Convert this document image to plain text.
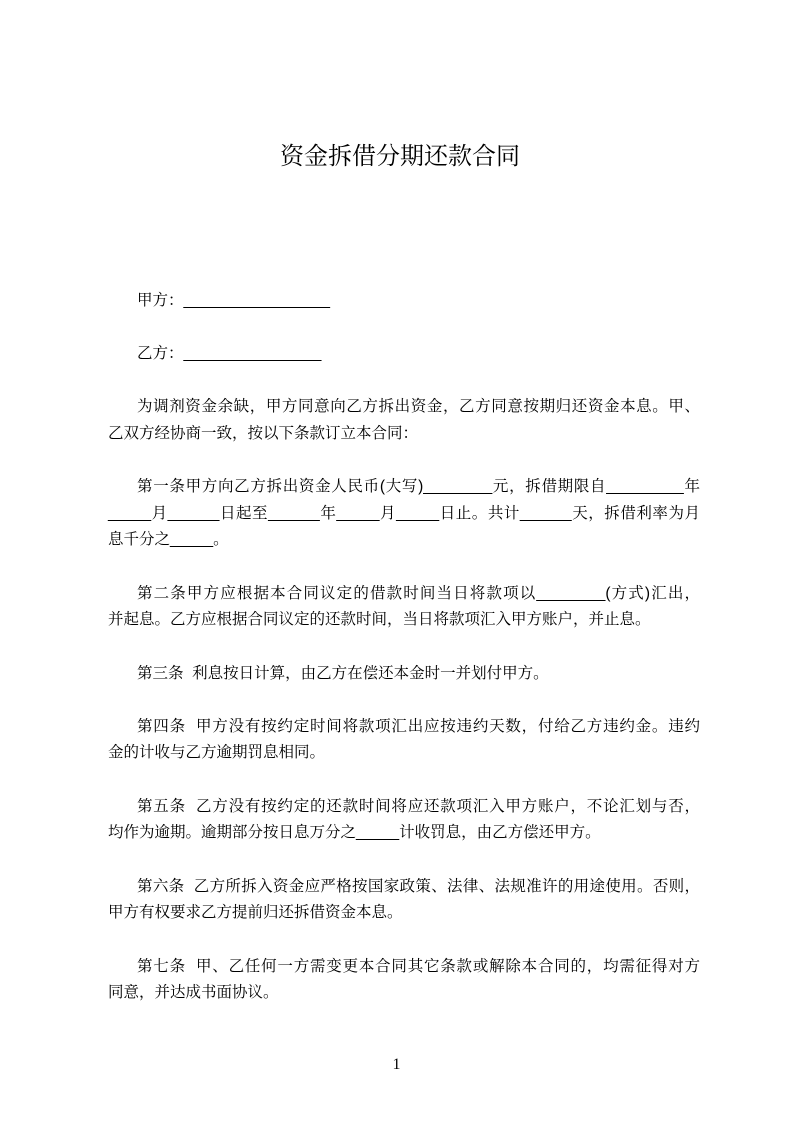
资金拆借分期还款合同
甲方：_________________
乙方：________________
为调剂资金余缺，甲方同意向乙方拆出资金，乙方同意按期归还资金本息。甲、
乙双方经协商一致，按以下条款订立本合同：
第一条甲方向乙方拆出资金人民币(大写)________元，拆借期限自_________年
_____月______日起至______年_____月_____日止。共计______天，拆借利率为月
息千分之_____。
第二条甲方应根据本合同议定的借款时间当日将款项以________(方式)汇出，
并起息。乙方应根据合同议定的还款时间，当日将款项汇入甲方账户，并止息。
第三条  利息按日计算，由乙方在偿还本金时一并划付甲方。
第四条  甲方没有按约定时间将款项汇出应按违约天数，付给乙方违约金。违约
金的计收与乙方逾期罚息相同。
第五条  乙方没有按约定的还款时间将应还款项汇入甲方账户，不论汇划与否，
均作为逾期。逾期部分按日息万分之_____计收罚息，由乙方偿还甲方。
第六条  乙方所拆入资金应严格按国家政策、法律、法规准许的用途使用。否则，
甲方有权要求乙方提前归还拆借资金本息。
第七条  甲、乙任何一方需变更本合同其它条款或解除本合同的，均需征得对方
同意，并达成书面协议。
1
